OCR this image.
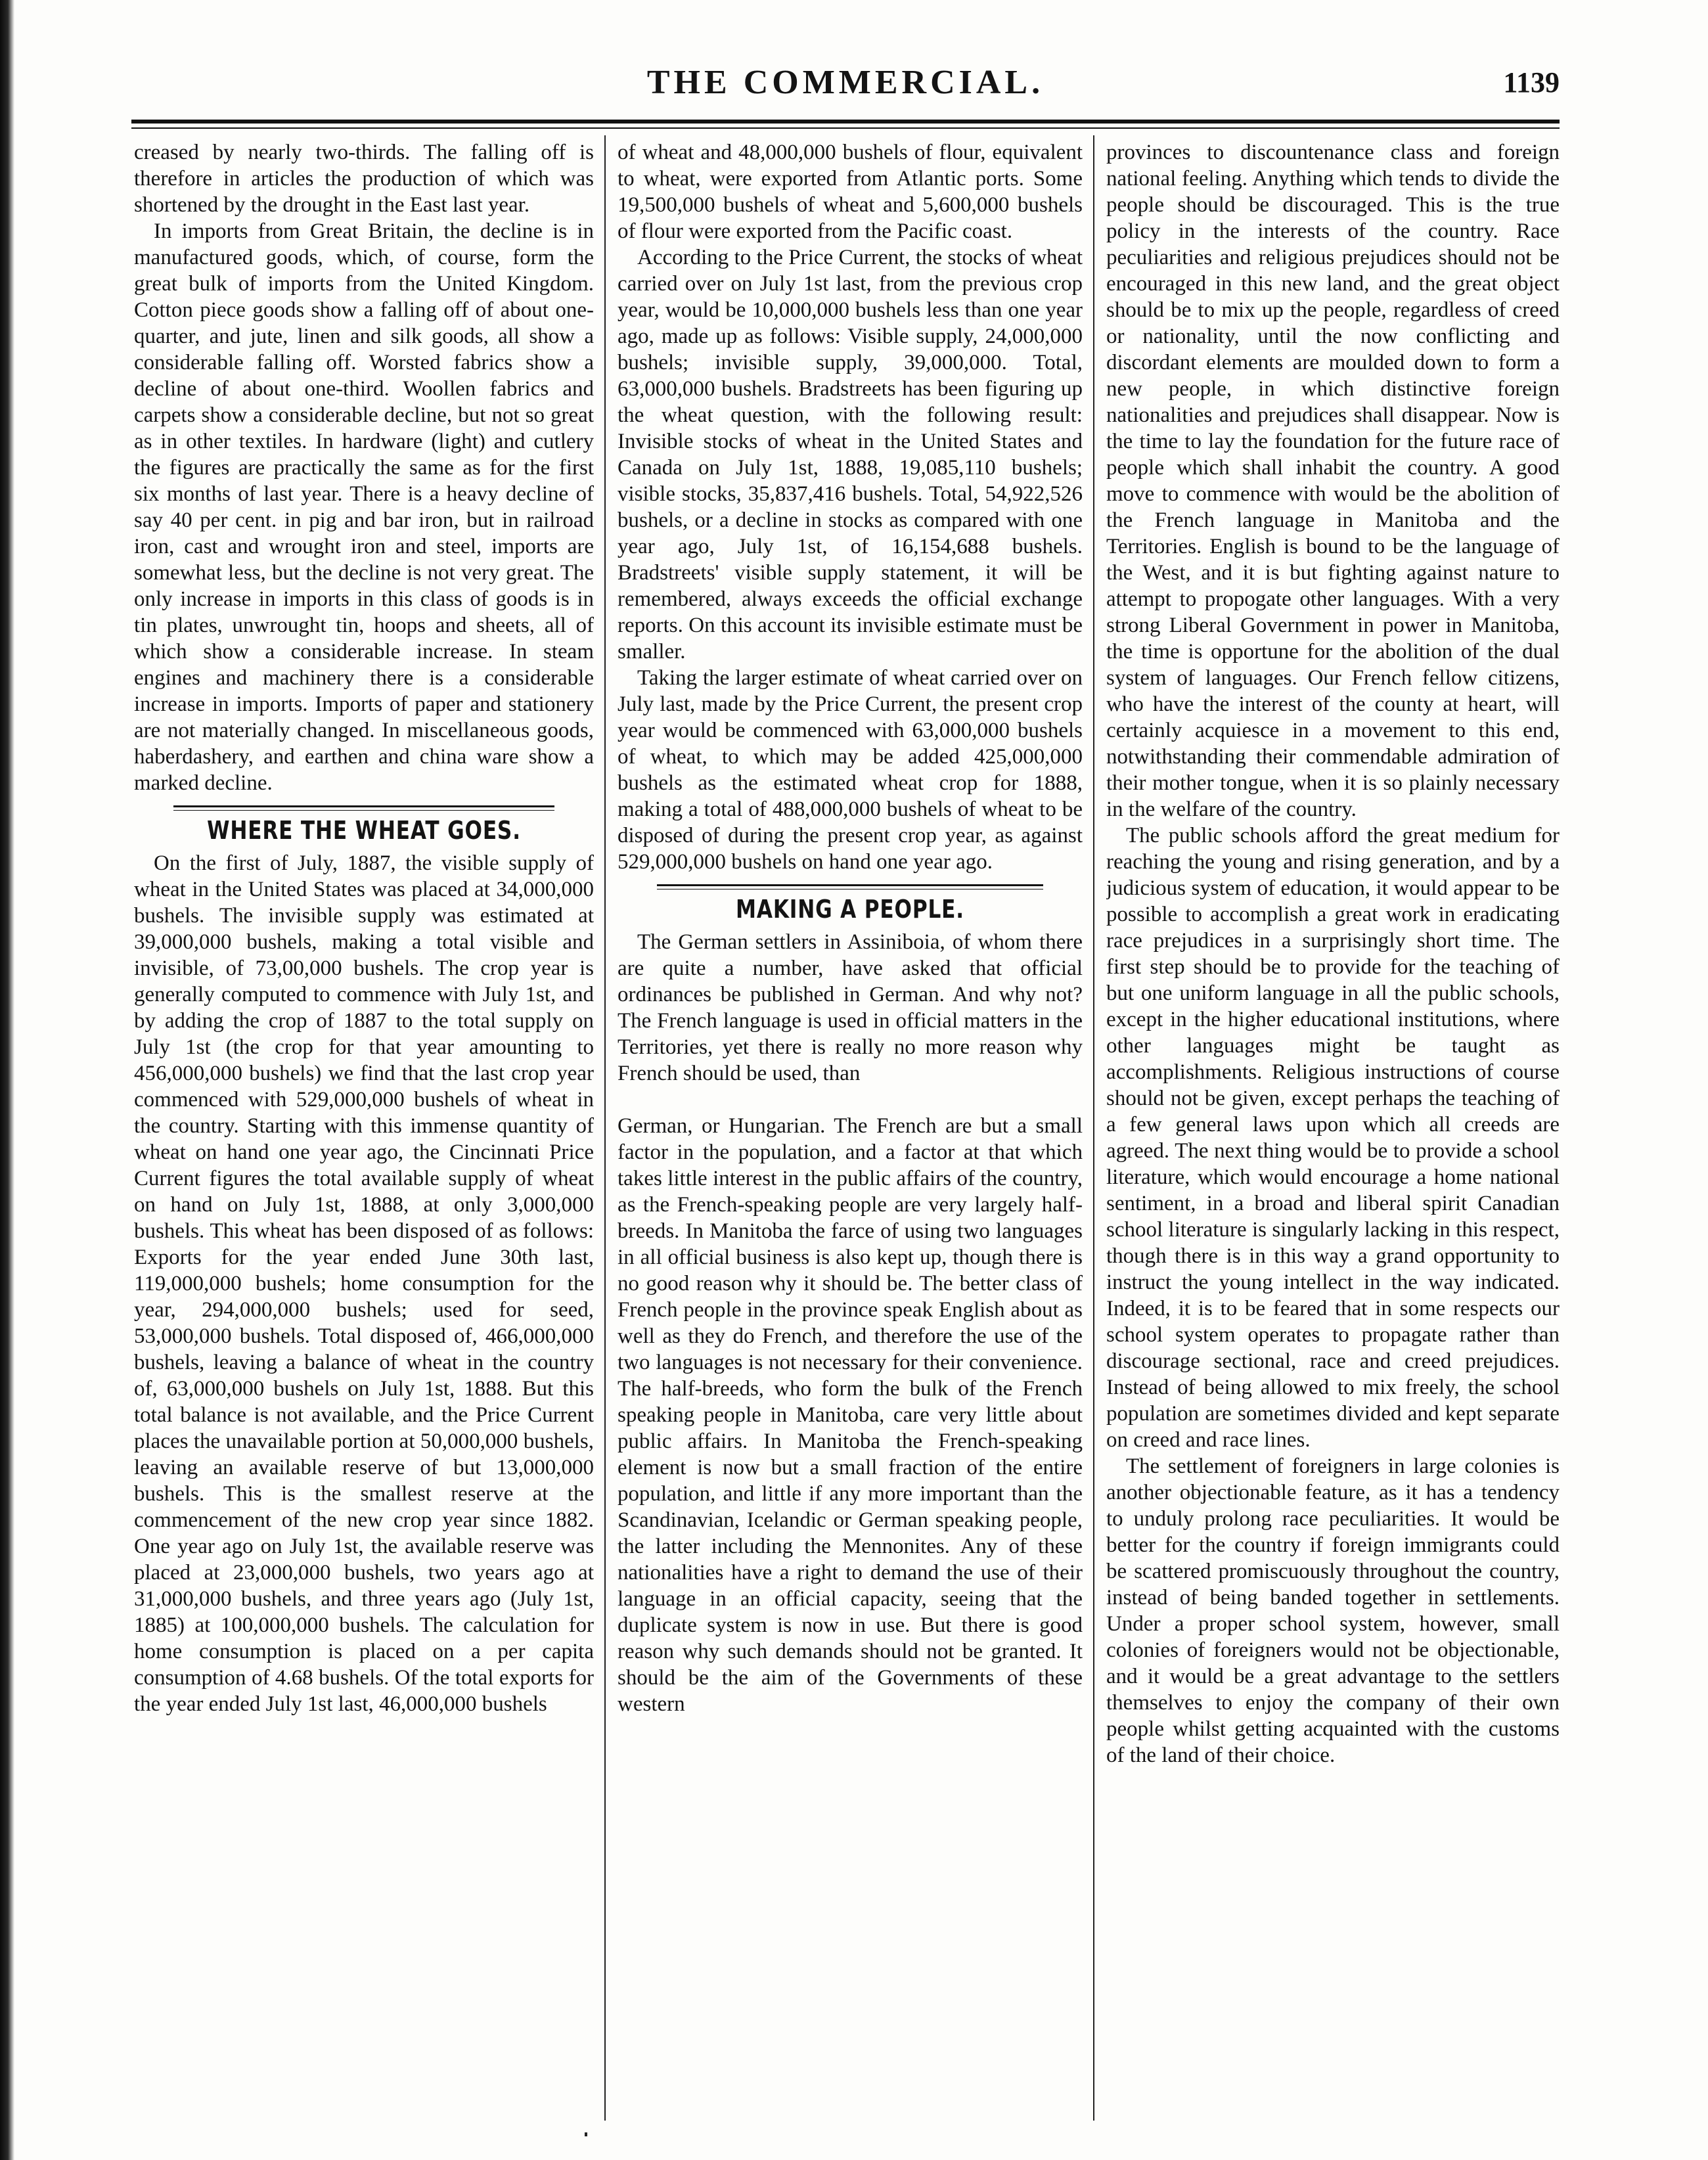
THE COMMERCIAL.	1139

creased by nearly two-thirds. The falling off is therefore in articles the production of which was shortened by the drought in the East last year.

In imports from Great Britain, the decline is in manufactured goods, which, of course, form the great bulk of imports from the United Kingdom. Cotton piece goods show a falling off of about one-quarter, and jute, linen and silk goods, all show a considerable falling off. Worsted fabrics show a decline of about one-third. Woollen fabrics and carpets show a considerable decline, but not so great as in other textiles. In hardware (light) and cutlery the figures are practically the same as for the first six months of last year. There is a heavy decline of say 40 per cent. in pig and bar iron, but in railroad iron, cast and wrought iron and steel, imports are somewhat less, but the decline is not very great. The only increase in imports in this class of goods is in tin plates, unwrought tin, hoops and sheets, all of which show a considerable increase. In steam engines and machinery there is a considerable increase in imports. Imports of paper and stationery are not materially changed. In miscellaneous goods, haberdashery, and earthen and china ware show a marked decline.

WHERE THE WHEAT GOES.

On the first of July, 1887, the visible supply of wheat in the United States was placed at 34,000,000 bushels. The invisible supply was estimated at 39,000,000 bushels, making a total visible and invisible, of 73,00,000 bushels. The crop year is generally computed to commence with July 1st, and by adding the crop of 1887 to the total supply on July 1st (the crop for that year amounting to 456,000,000 bushels) we find that the last crop year commenced with 529,000,000 bushels of wheat in the country. Starting with this immense quantity of wheat on hand one year ago, the Cincinnati Price Current figures the total available supply of wheat on hand on July 1st, 1888, at only 3,000,000 bushels. This wheat has been disposed of as follows: Exports for the year ended June 30th last, 119,000,000 bushels; home consumption for the year, 294,000,000 bushels; used for seed, 53,000,000 bushels. Total disposed of, 466,000,000 bushels, leaving a balance of wheat in the country of, 63,000,000 bushels on July 1st, 1888. But this total balance is not available, and the Price Current places the unavailable portion at 50,000,000 bushels, leaving an available reserve of but 13,000,000 bushels. This is the smallest reserve at the commencement of the new crop year since 1882. One year ago on July 1st, the available reserve was placed at 23,000,000 bushels, two years ago at 31,000,000 bushels, and three years ago (July 1st, 1885) at 100,000,000 bushels. The calculation for home consumption is placed on a per capita consumption of 4.68 bushels. Of the total exports for the year ended July 1st last, 46,000,000 bushels

of wheat and 48,000,000 bushels of flour, equivalent to wheat, were exported from Atlantic ports. Some 19,500,000 bushels of wheat and 5,600,000 bushels of flour were exported from the Pacific coast.

According to the Price Current, the stocks of wheat carried over on July 1st last, from the previous crop year, would be 10,000,000 bushels less than one year ago, made up as follows: Visible supply, 24,000,000 bushels; invisible supply, 39,000,000. Total, 63,000,000 bushels. Bradstreets has been figuring up the wheat question, with the following result: Invisible stocks of wheat in the United States and Canada on July 1st, 1888, 19,085,110 bushels; visible stocks, 35,837,416 bushels. Total, 54,922,526 bushels, or a decline in stocks as compared with one year ago, July 1st, of 16,154,688 bushels. Bradstreets' visible supply statement, it will be remembered, always exceeds the official exchange reports. On this account its invisible estimate must be smaller.

Taking the larger estimate of wheat carried over on July last, made by the Price Current, the present crop year would be commenced with 63,000,000 bushels of wheat, to which may be added 425,000,000 bushels as the estimated wheat crop for 1888, making a total of 488,000,000 bushels of wheat to be disposed of during the present crop year, as against 529,000,000 bushels on hand one year ago.

MAKING A PEOPLE.

The German settlers in Assiniboia, of whom there are quite a number, have asked that official ordinances be published in German. And why not? The French language is used in official matters in the Territories, yet there is really no more reason why French should be used, than

German, or Hungarian. The French are but a small factor in the population, and a factor at that which takes little interest in the public affairs of the country, as the French-speaking people are very largely half-breeds. In Manitoba the farce of using two languages in all official business is also kept up, though there is no good reason why it should be. The better class of French people in the province speak English about as well as they do French, and therefore the use of the two languages is not necessary for their convenience. The half-breeds, who form the bulk of the French speaking people in Manitoba, care very little about public affairs. In Manitoba the French-speaking element is now but a small fraction of the entire population, and little if any more important than the Scandinavian, Icelandic or German speaking people, the latter including the Mennonites. Any of these nationalities have a right to demand the use of their language in an official capacity, seeing that the duplicate system is now in use. But there is good reason why such demands should not be granted. It should be the aim of the Governments of these western

provinces to discountenance class and foreign national feeling. Anything which tends to divide the people should be discouraged. This is the true policy in the interests of the country. Race peculiarities and religious prejudices should not be encouraged in this new land, and the great object should be to mix up the people, regardless of creed or nationality, until the now conflicting and discordant elements are moulded down to form a new people, in which distinctive foreign nationalities and prejudices shall disappear. Now is the time to lay the foundation for the future race of people which shall inhabit the country. A good move to commence with would be the abolition of the French language in Manitoba and the Territories. English is bound to be the language of the West, and it is but fighting against nature to attempt to propogate other languages. With a very strong Liberal Government in power in Manitoba, the time is opportune for the abolition of the dual system of languages. Our French fellow citizens, who have the interest of the county at heart, will certainly acquiesce in a movement to this end, notwithstanding their commendable admiration of their mother tongue, when it is so plainly necessary in the welfare of the country.

The public schools afford the great medium for reaching the young and rising generation, and by a judicious system of education, it would appear to be possible to accomplish a great work in eradicating race prejudices in a surprisingly short time. The first step should be to provide for the teaching of but one uniform language in all the public schools, except in the higher educational institutions, where other languages might be taught as accomplishments. Religious instructions of course should not be given, except perhaps the teaching of a few general laws upon which all creeds are agreed. The next thing would be to provide a school literature, which would encourage a home national sentiment, in a broad and liberal spirit Canadian school literature is singularly lacking in this respect, though there is in this way a grand opportunity to instruct the young intellect in the way indicated. Indeed, it is to be feared that in some respects our school system operates to propagate rather than discourage sectional, race and creed prejudices. Instead of being allowed to mix freely, the school population are sometimes divided and kept separate on creed and race lines.

The settlement of foreigners in large colonies is another objectionable feature, as it has a tendency to unduly prolong race peculiarities. It would be better for the country if foreign immigrants could be scattered promiscuously throughout the country, instead of being banded together in settlements. Under a proper school system, however, small colonies of foreigners would not be objectionable, and it would be a great advantage to the settlers themselves to enjoy the company of their own people whilst getting acquainted with the customs of the land of their choice.
